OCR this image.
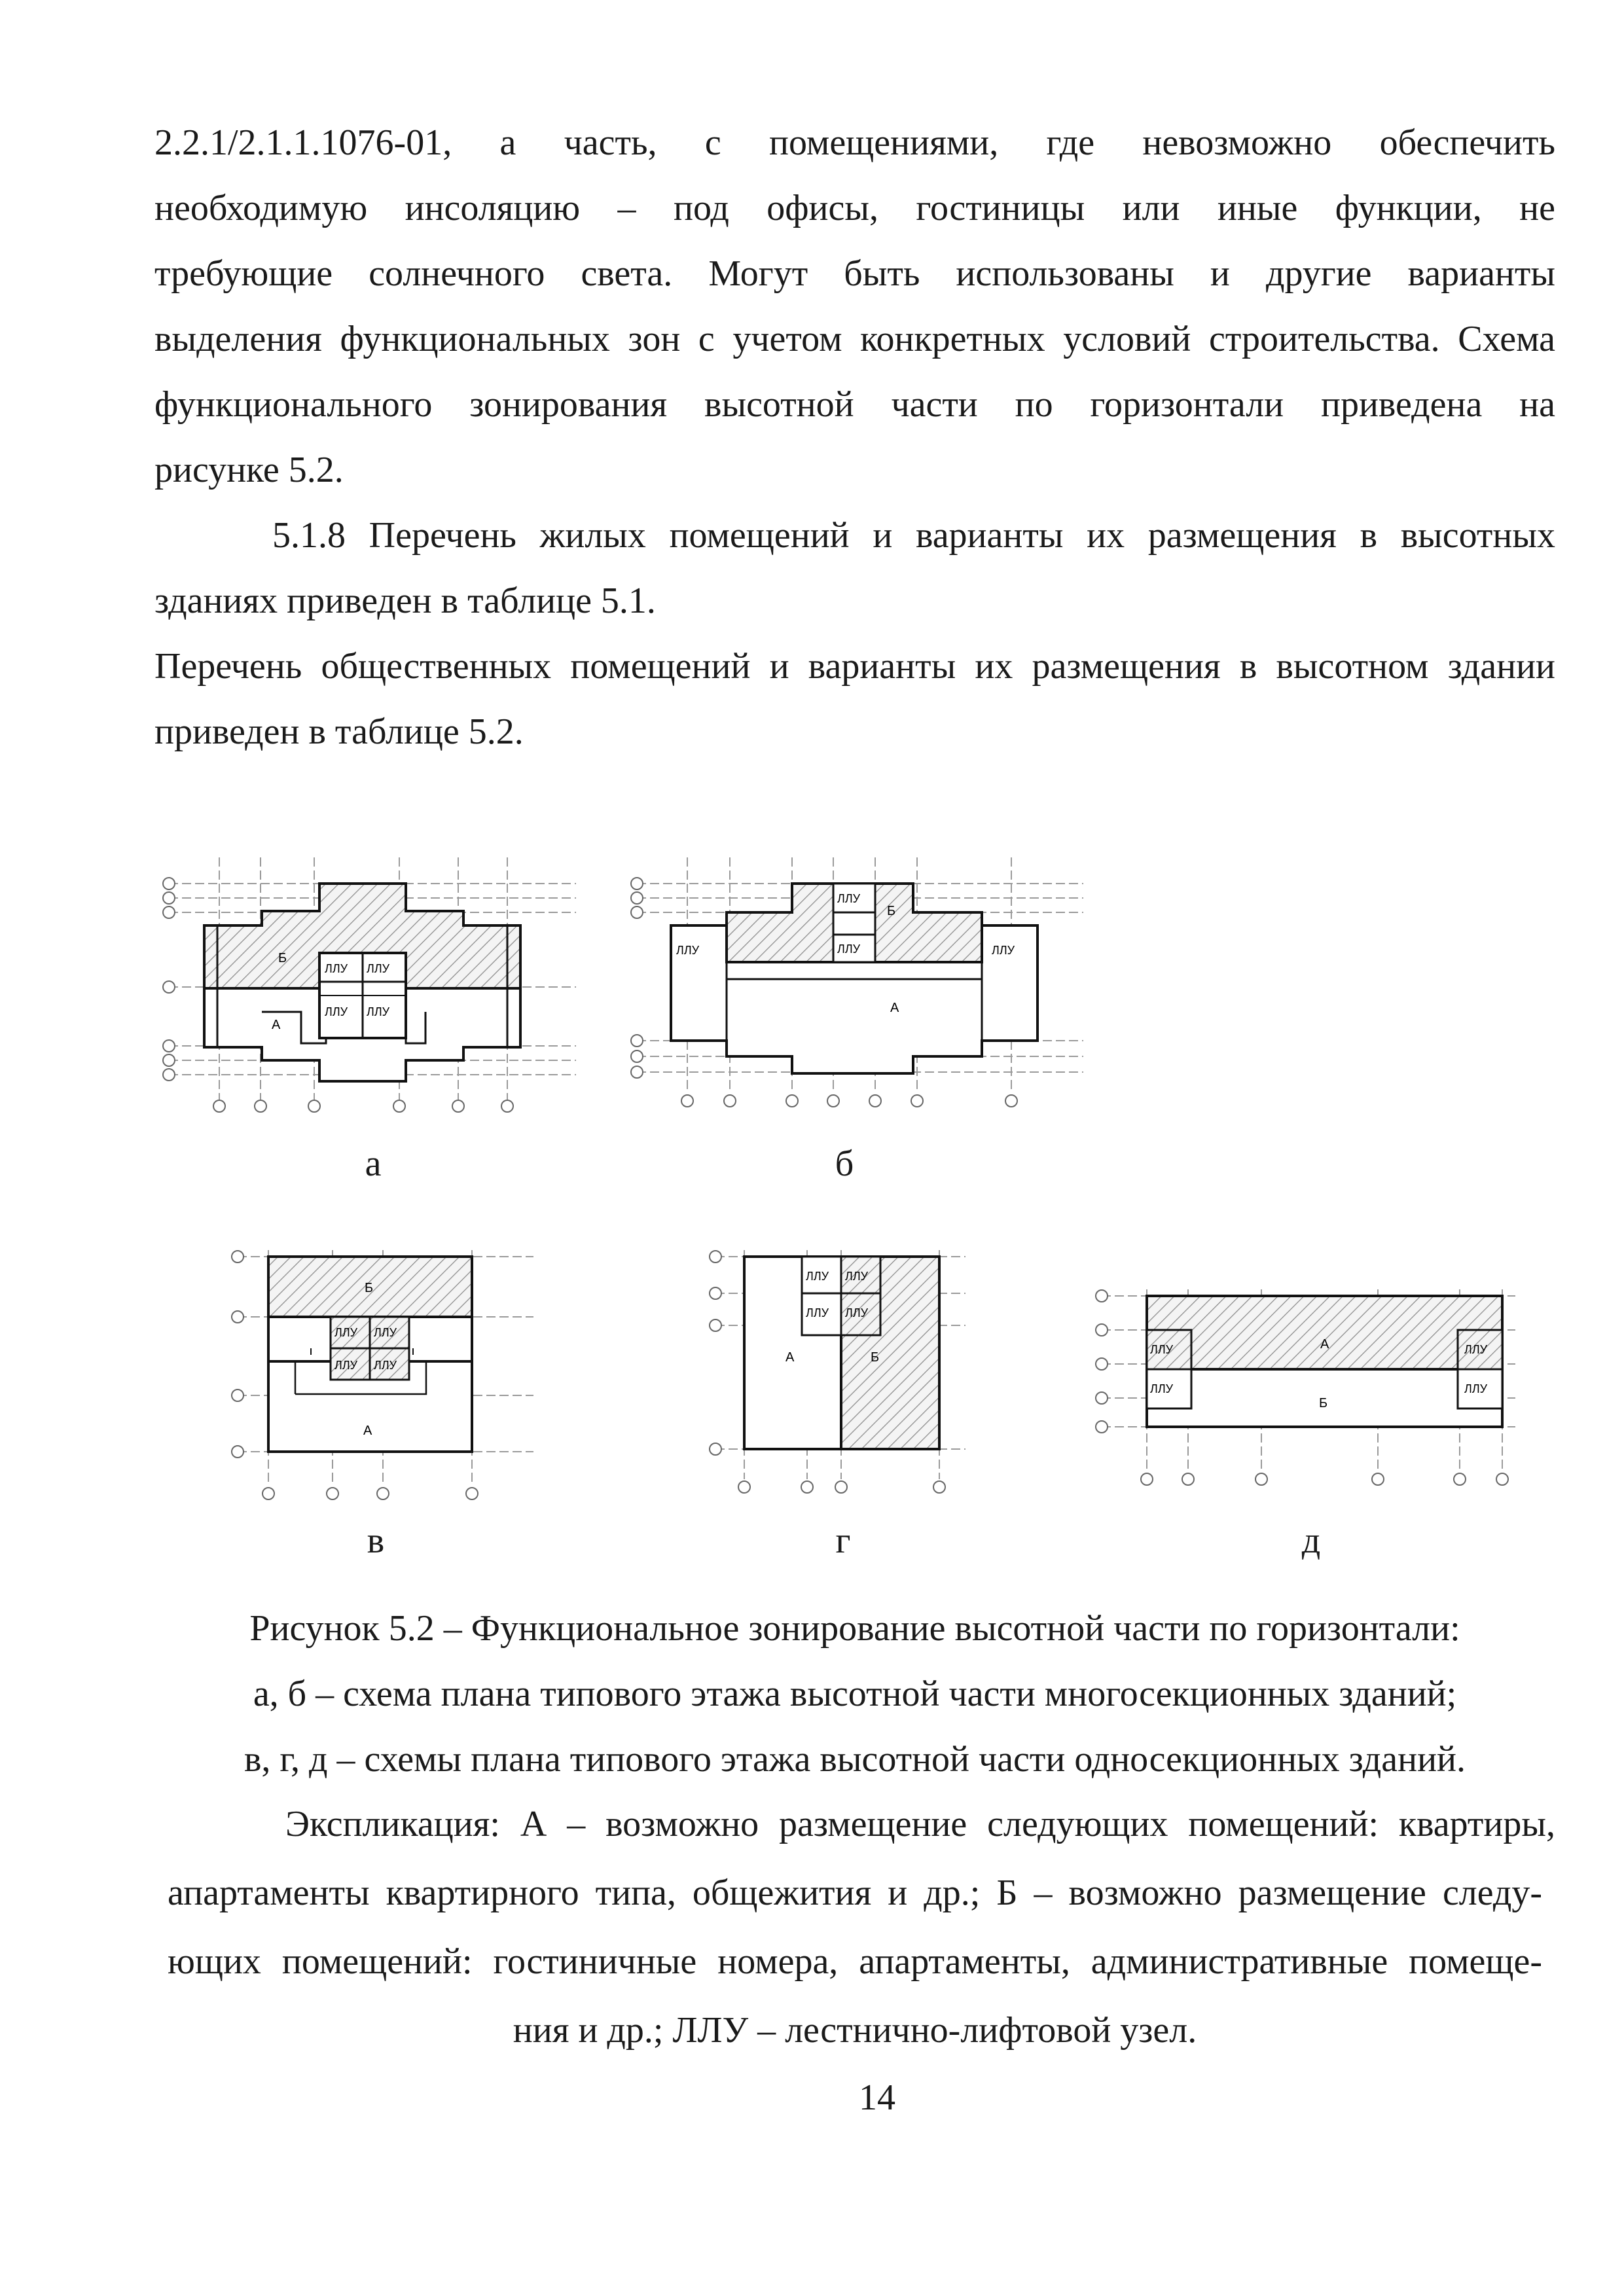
2.2.1/2.1.1.1076-01, а часть, с помещениями, где невозможно обеспечить
необходимую инсоляцию – под офисы, гостиницы или иные функции, не
требующие солнечного света. Могут быть использованы и другие варианты
выделения функциональных зон с учетом конкретных условий строительства. Схема
функционального зонирования высотной части по горизонтали приведена на
рисунке 5.2.
5.1.8 Перечень жилых помещений и варианты их размещения в высотных
зданиях приведен в таблице 5.1.
Перечень общественных помещений и варианты их размещения в высотном здании
приведен в таблице 5.2.
Б
А
ЛЛУ ЛЛУ
ЛЛУ ЛЛУ
а
ЛЛУ
ЛЛУ
ЛЛУ	ЛЛУ
Б
А
б
Б
А
ЛЛУ ЛЛУ
ЛЛУ ЛЛУ
в
ЛЛУ ЛЛУ
ЛЛУ ЛЛУ
А	Б
г
ЛЛУ
ЛЛУ
ЛЛУ
ЛЛУ
А
Б
д
Рисунок 5.2 – Функциональное зонирование высотной части по горизонтали:
а, б – схема плана типового этажа высотной части многосекционных зданий;
в, г, д – схемы плана типового этажа высотной части односекционных зданий.
Экспликация: А – возможно размещение следующих помещений: квартиры,
апартаменты квартирного типа, общежития и др.; Б – возможно размещение следу-
ющих помещений: гостиничные номера, апартаменты, административные помеще-
ния и др.; ЛЛУ – лестнично-лифтовой узел.
14
